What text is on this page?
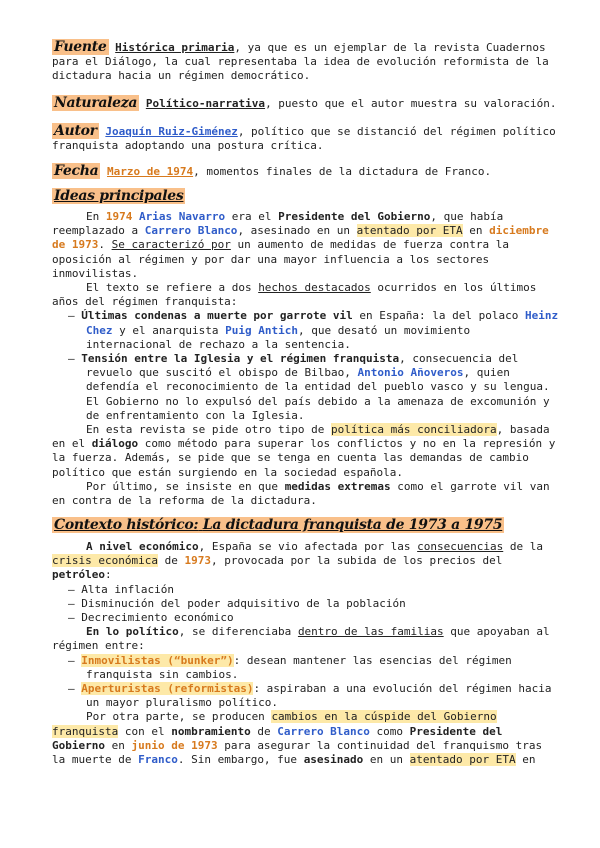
Fuente Histórica primaria, ya que es un ejemplar de la revista Cuadernos para el Diálogo, la cual representaba la idea de evolución reformista de la dictadura hacia un régimen democrático.
Naturaleza Político-narrativa, puesto que el autor muestra su valoración.
Autor Joaquín Ruiz-Giménez, político que se distanció del régimen político franquista adoptando una postura crítica.
Fecha Marzo de 1974, momentos finales de la dictadura de Franco.
Ideas principales

En 1974 Arias Navarro era el Presidente del Gobierno, que había reemplazado a Carrero Blanco, asesinado en un atentado por ETA en diciembre de 1973. Se caracterizó por un aumento de medidas de fuerza contra la oposición al régimen y por dar una mayor influencia a los sectores inmovilistas.

El texto se refiere a dos hechos destacados ocurridos en los últimos años del régimen franquista:

– Últimas condenas a muerte por garrote vil en España: la del polaco Heinz Chez y el anarquista Puig Antich, que desató un movimiento internacional de rechazo a la sentencia.
– Tensión entre la Iglesia y el régimen franquista, consecuencia del revuelo que suscitó el obispo de Bilbao, Antonio Añoveros, quien defendía el reconocimiento de la entidad del pueblo vasco y su lengua. El Gobierno no lo expulsó del país debido a la amenaza de excomunión y de enfrentamiento con la Iglesia.

En esta revista se pide otro tipo de política más conciliadora, basada en el diálogo como método para superar los conflictos y no en la represión y la fuerza. Además, se pide que se tenga en cuenta las demandas de cambio político que están surgiendo en la sociedad española.

Por último, se insiste en que medidas extremas como el garrote vil van en contra de la reforma de la dictadura.

Contexto histórico: La dictadura franquista de 1973 a 1975

A nivel económico, España se vio afectada por las consecuencias de la crisis económica de 1973, provocada por la subida de los precios del petróleo:

– Alta inflación
– Disminución del poder adquisitivo de la población
– Decrecimiento económico

En lo político, se diferenciaba dentro de las familias que apoyaban al régimen entre:

– Inmovilistas (“bunker”): desean mantener las esencias del régimen franquista sin cambios.
– Aperturistas (reformistas): aspiraban a una evolución del régimen hacia un mayor pluralismo político.

Por otra parte, se producen cambios en la cúspide del Gobierno franquista con el nombramiento de Carrero Blanco como Presidente del Gobierno en junio de 1973 para asegurar la continuidad del franquismo tras la muerte de Franco. Sin embargo, fue asesinado en un atentado por ETA en
